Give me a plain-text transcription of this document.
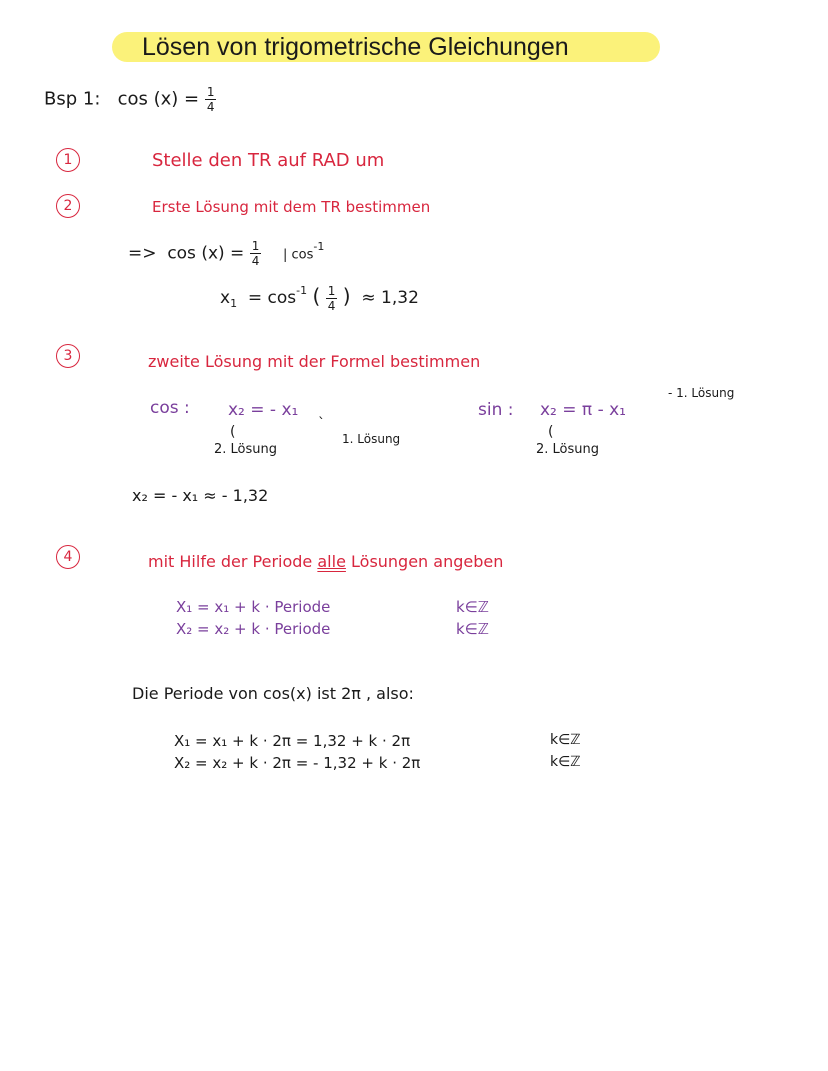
Lösen von trigometrische Gleichungen
Bsp 1: $\cos (x) = \frac{1}{4}$
1
2
3
4
Stelle den TR auf RAD um
Erste Lösung mit dem TR bestimmen
=> $\cos (x) = \frac{1}{4}$ | $\cos^{-1}$
$x_1 = \cos^{-1}$ ( $\frac{1}{4}$ ) ≈ 1,32
zweite Lösung mit der Formel bestimmen
cos : x₂ = - x₁
(	`
2. Lösung
1. Lösung
sin : x₂ = π - x₁
- 1. Lösung
(
2. Lösung
x₂ = - x₁ ≈ - 1,32
mit Hilfe der Periode alle Lösungen angeben
X₁ = x₁ + k · Periode	k∈ℤ
X₂ = x₂ + k · Periode	k∈ℤ
Die Periode von cos(x) ist 2π , also:
X₁ = x₁ + k · 2π = 1,32 + k · 2π	k∈ℤ
X₂ = x₂ + k · 2π = - 1,32 + k · 2π	k∈ℤ
